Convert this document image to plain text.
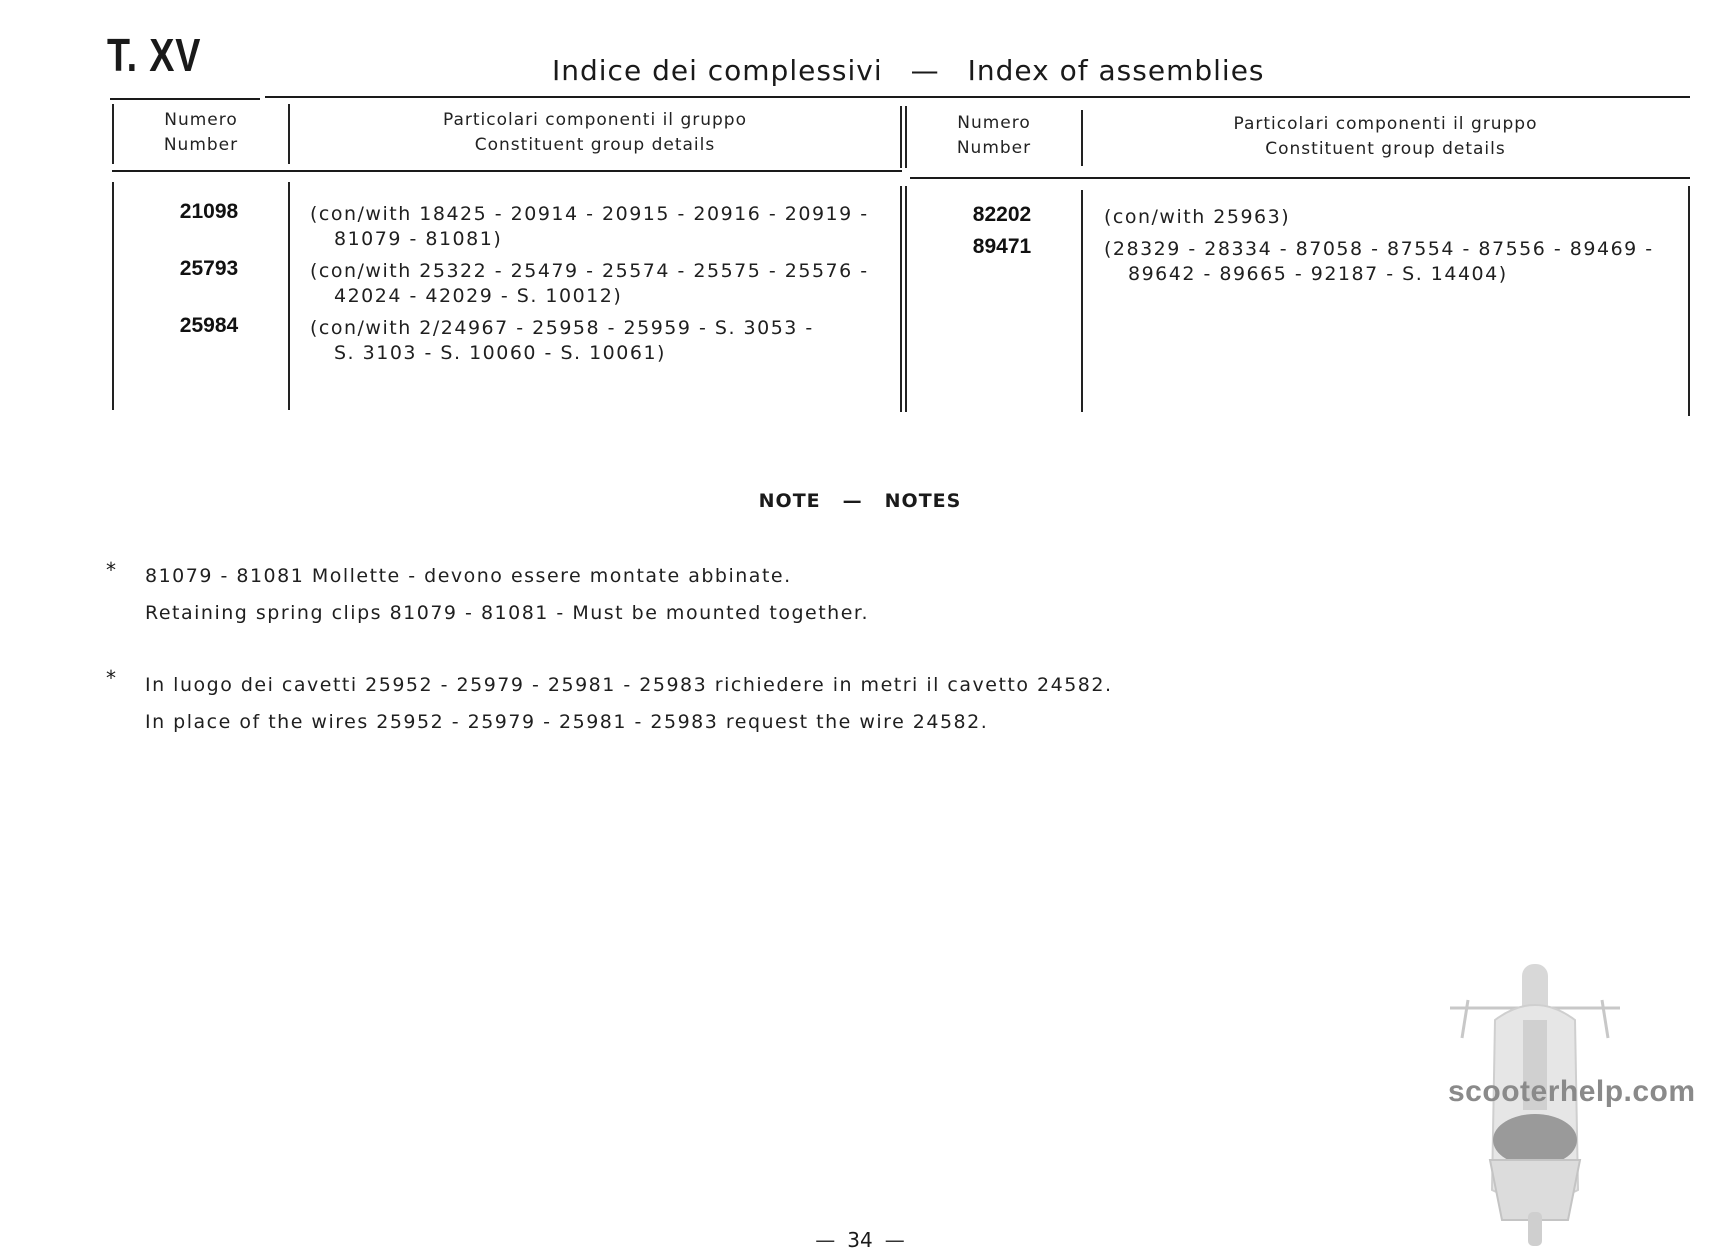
T. XV	Indice dei complessivi — Index of assemblies
Numero
Number
Particolari componenti il gruppo
Constituent group details
Numero
Number
Particolari componenti il gruppo
Constituent group details
21098	(con/with 18425 - 20914 - 20915 - 20916 - 20919 -
81079 - 81081)
25793	(con/with 25322 - 25479 - 25574 - 25575 - 25576 -
42024 - 42029 - S. 10012)
25984	(con/with 2/24967 - 25958 - 25959 - S. 3053 -
S. 3103 - S. 10060 - S. 10061)
82202	(con/with 25963)
89471	(28329 - 28334 - 87058 - 87554 - 87556 - 89469 -
89642 - 89665 - 92187 - S. 14404)
NOTE — NOTES
* 81079 - 81081 Mollette - devono essere montate abbinate.
Retaining spring clips 81079 - 81081 - Must be mounted together.
* In luogo dei cavetti 25952 - 25979 - 25981 - 25983 richiedere in metri il cavetto 24582.
In place of the wires 25952 - 25979 - 25981 - 25983 request the wire 24582.
scooterhelp.com
— 34 —
